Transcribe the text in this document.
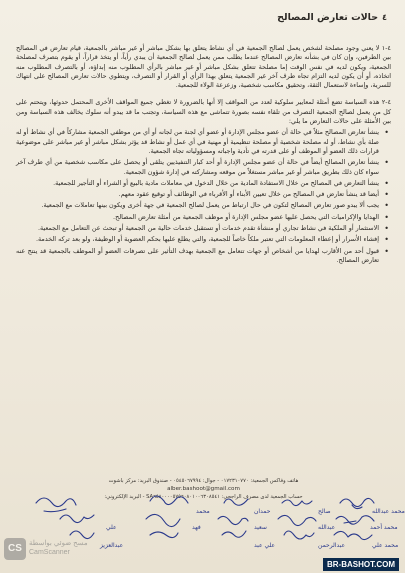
٤
حالات تعارض المصالح

٤-١ لا يعني وجود مصلحة لشخص يعمل لصالح الجمعية في أي نشاط يتعلق بها بشكل مباشر أو غير مباشر بالجمعية، قيام تعارض في المصالح بين الطرفين، وإن كان في بشأنه تعارض المصالح عندما يطلب ممن يعمل لصالح الجمعية أن يبدي رأياً، أو يتخذ قراراً، أو يقوم بتصرف لمصلحة الجمعية، ويكون لديه في نفس الوقت إما مصلحة تتعلق بشكل مباشر أو غير مباشر بالرأي المطلوب منه إبداؤه، أو بالتصرف المطلوب منه اتخاذه، أو أن يكون لديه التزام تجاه طرف آخر غير الجمعية يتعلق بهذا الرأي أو القرار أو التصرف، ويتطوي حالات تعارض المصالح على انتهاك للسرية، وإساءة لاستعمال الثقة، وتحقيق مكاسب شخصية، وزعزعة الولاء للجمعية.

٤-٢ هذه السياسة تضع أمثلة لمعايير سلوكية لعدد من المواقف إلا أنها بالضرورة لا تغطي جميع المواقف الأخرى المحتمل حدوثها، ويتحتم على كل من يعمل لصالح الجمعية التصرف من تلقاء نفسه بصورة تتماشى مع هذه السياسة، وتجنب ما قد يبدو أنه سلوك يخالف هذه السياسة ومن بين الأمثلة على حالات التعارض ما يلي:

• ينشأ تعارض المصالح مثلاً في حالة أن عضو مجلس الإدارة أو عضو أي لجنة من لجانه أو أي من موظفي الجمعية مشاركاً في أي نشاط أو له صلة بأي نشاط، أو له مصلحة شخصية أو مصلحة تنظيمية أو مهنية في أي عمل أو نشاط قد يؤثر بشكل مباشر أو غير مباشر على موضوعية قرارات ذلك العضو أو الموظف أو على قدرته في تأدية واجباته ومسؤولياته تجاه الجمعية.
• ينشأ تعارض المصالح أيضاً في حالة أن عضو مجلس الإدارة أو أحد كبار التنفيذيين يتلقى أو يحصل على مكاسب شخصية من أي طرف آخر سواء كان ذلك بطريق مباشر أو غير مباشر مستغلاً من موقعه ومشاركته في إدارة شؤون الجمعية.
• ينشأ التعارض في المصالح من خلال الاستفادة المادية من خلال الدخول في معاملات مادية بالبيع أو الشراء أو التأجير للجمعية.
• أيضا قد ينشأ تعارض في المصالح من خلال تعيين الأبناء أو الأقرباء في الوظائف أو توقيع عقود معهم.
• يجب ألا يبدو صور تعارض المصالح لتكون في حال ارتباط من يعمل لصالح الجمعية في جهة أخرى ويكون بينها تعاملات مع الجمعية.
• الهدايا والإكراميات التي يحصل عليها عضو مجلس الإدارة أو موظف الجمعية من أمثلة تعارض المصالح.
• الاستثمار أو الملكية في نشاط تجاري أو منشأة تقدم خدمات أو تستقبل خدمات حالية من الجمعية أو تبحث عن التعامل مع الجمعية.
• إفشاء الأسرار أو إعطاء المعلومات التي تعتبر ملكاً خاصاً للجمعية، والتي يطلع عليها بحكم العضوية أو الوظيفة، ولو بعد تركه الخدمة.
• قبول أحد من الأقارب لهدايا من أشخاص أو جهات تتعامل مع الجمعية بهدف التأثير على تصرفات العضو أو الموظف بالجمعية قد ينتج عنه تعارض المصالح.
هاتف وفاكس الجمعية: ٠١٧٢٣١٠٧٧٠ - جوال: ٠٥٤٥٠٦٧٩٩٤ - صندوق البريد: مركز باشوت
alber.bashoot@gmail.com
حساب الجمعية لدى مصرف الراجحي: SA٦٥٨٠٠٠٠٥٧٥٦٠٨٠١٠٠٦٣٠٨٥٤١ - البريد الإلكتروني:
محمد عبدالله
محمد أحمد
محمد علي
صالح
عبدالله
عبدالرحمن
حمدان
سعيد
علي عبد
محمد
فهد
علي
عبدالعزيز
CS	مسح ضوئي بواسطة
CamScanner
BR-BASHOT.COM
